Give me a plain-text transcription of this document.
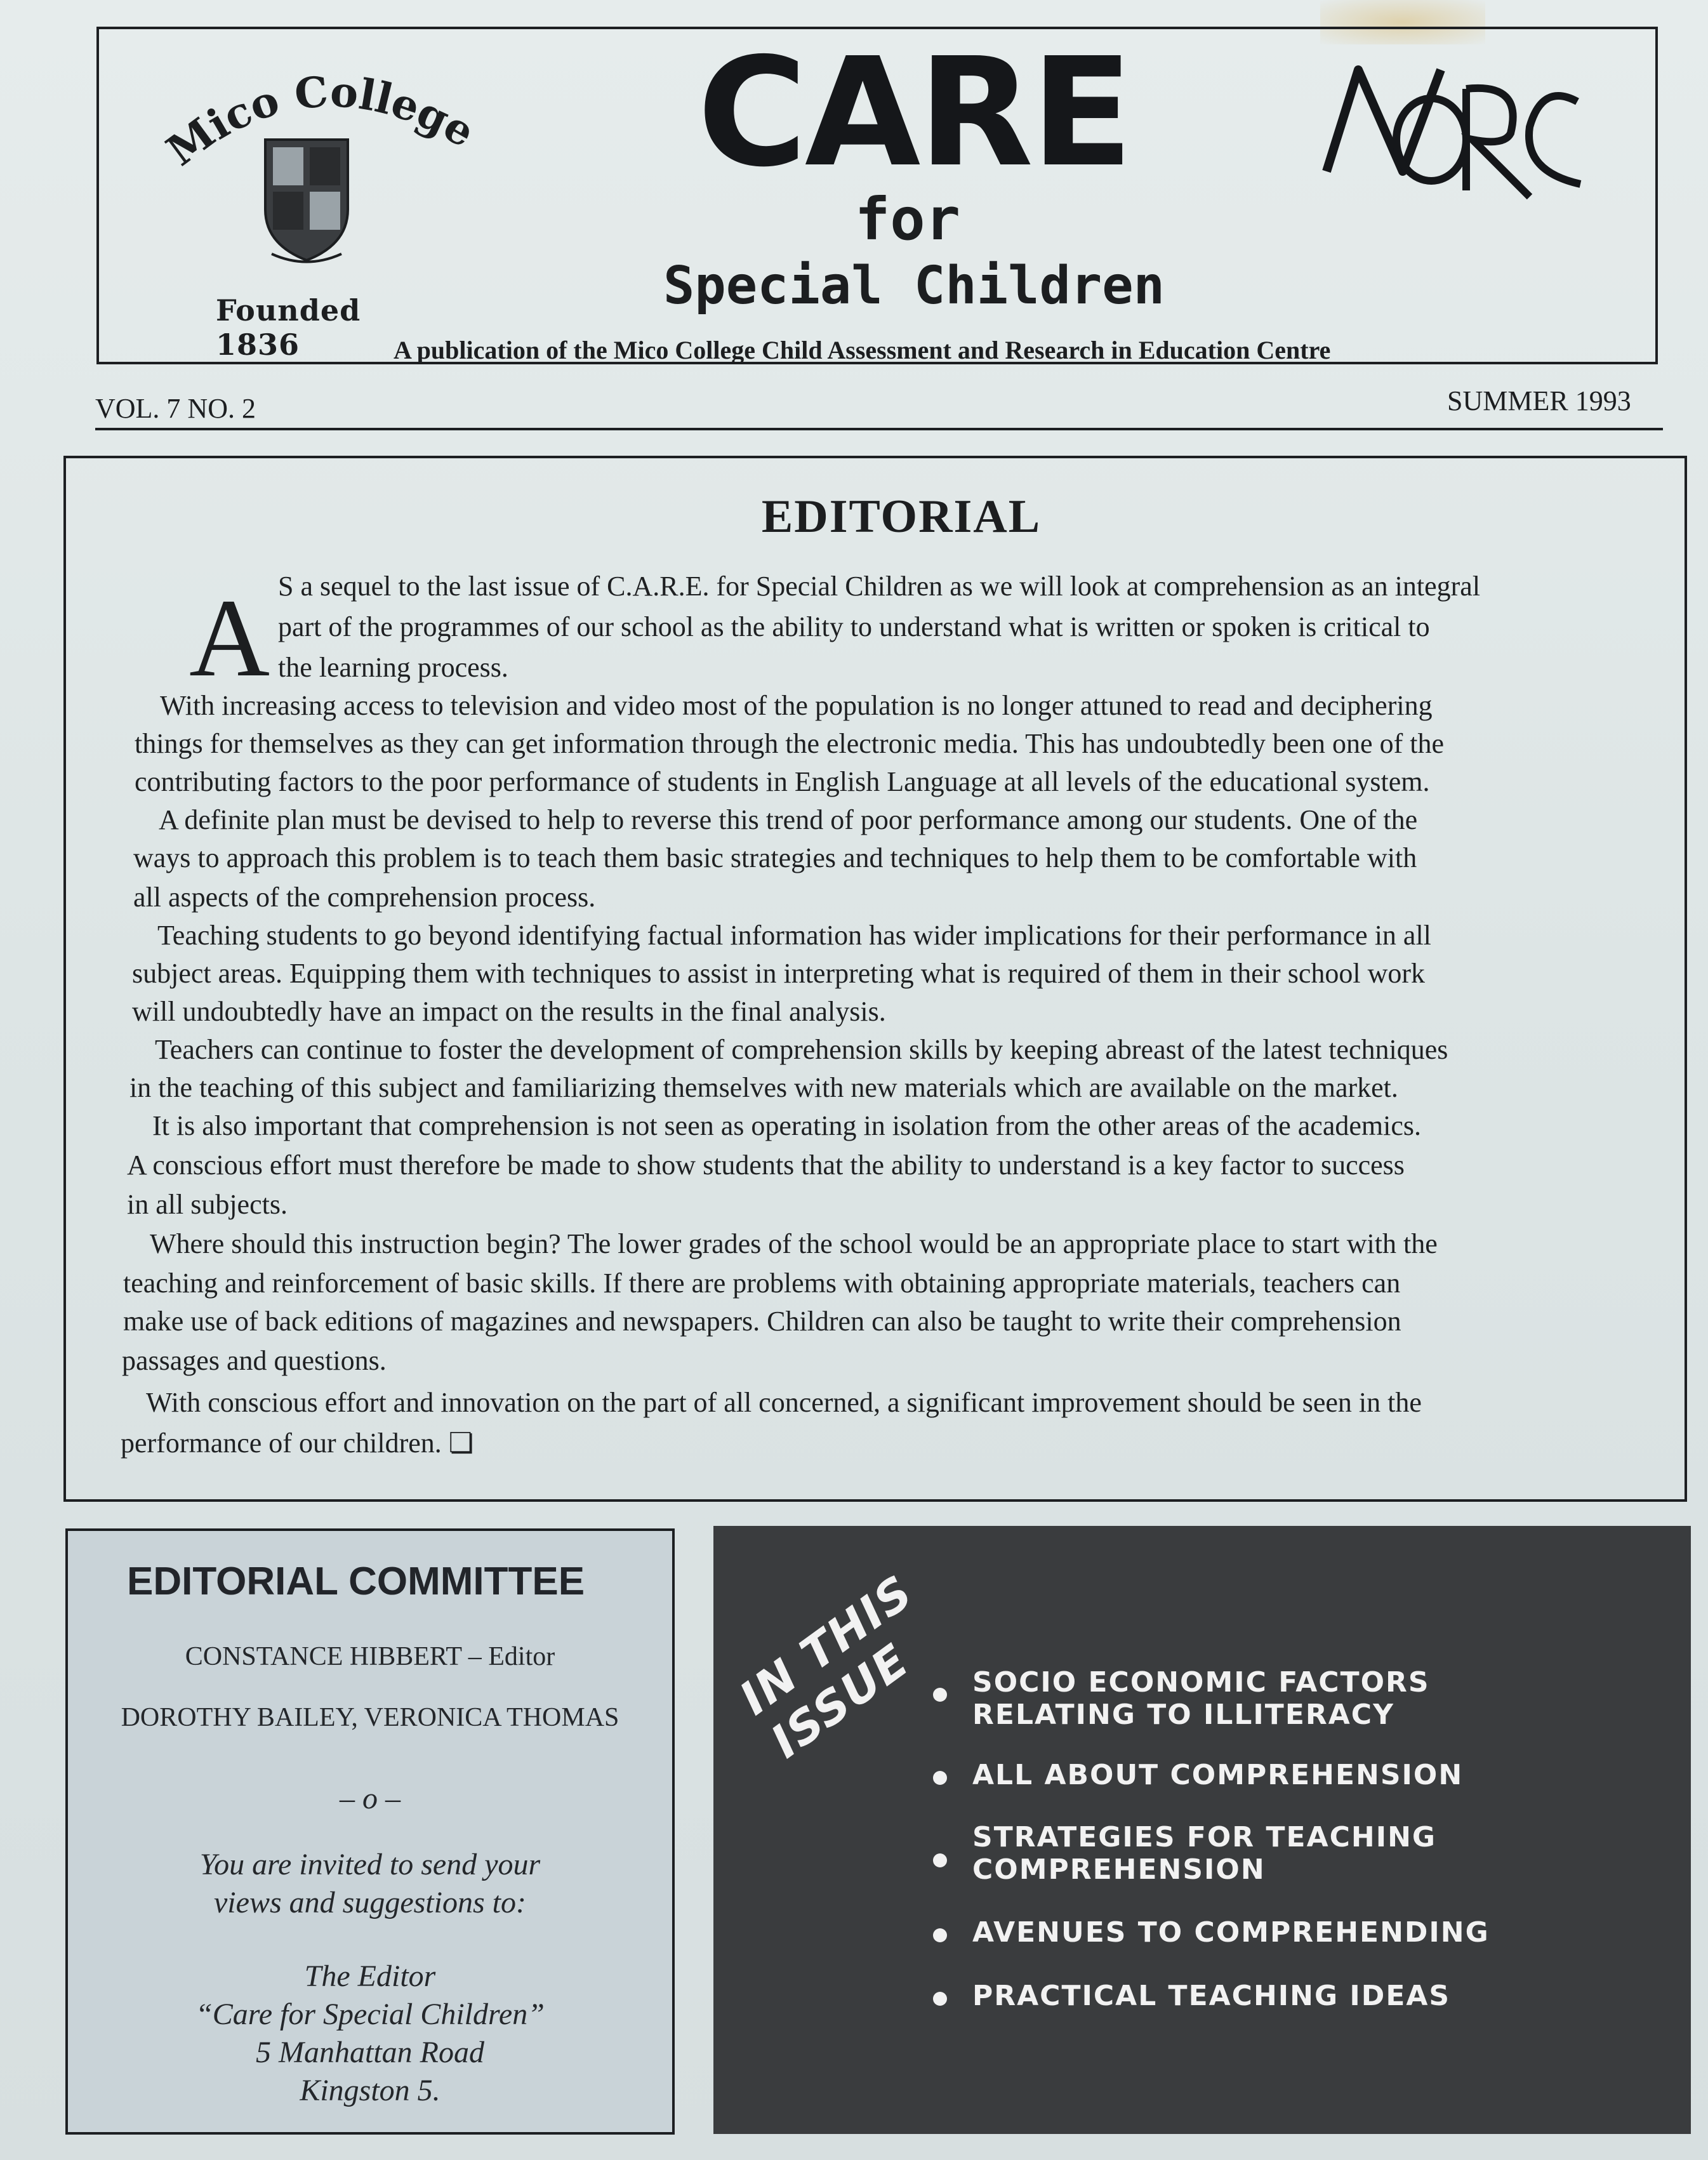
Mico College
Founded 1836
CARE
for
Special Children
A publication of the Mico College Child Assessment and Research in Education Centre
VOL. 7 NO. 2	SUMMER 1993
EDITORIAL
A S a sequel to the last issue of C.A.R.E. for Special Children as we will look at comprehension as an integral
part of the programmes of our school as the ability to understand what is written or spoken is critical to
the learning process.
With increasing access to television and video most of the population is no longer attuned to read and deciphering
things for themselves as they can get information through the electronic media. This has undoubtedly been one of the
contributing factors to the poor performance of students in English Language at all levels of the educational system.
A definite plan must be devised to help to reverse this trend of poor performance among our students. One of the
ways to approach this problem is to teach them basic strategies and techniques to help them to be comfortable with
all aspects of the comprehension process.
Teaching students to go beyond identifying factual information has wider implications for their performance in all
subject areas. Equipping them with techniques to assist in interpreting what is required of them in their school work
will undoubtedly have an impact on the results in the final analysis.
Teachers can continue to foster the development of comprehension skills by keeping abreast of the latest techniques
in the teaching of this subject and familiarizing themselves with new materials which are available on the market.
It is also important that comprehension is not seen as operating in isolation from the other areas of the academics.
A conscious effort must therefore be made to show students that the ability to understand is a key factor to success
in all subjects.
Where should this instruction begin? The lower grades of the school would be an appropriate place to start with the
teaching and reinforcement of basic skills. If there are problems with obtaining appropriate materials, teachers can
make use of back editions of magazines and newspapers. Children can also be taught to write their comprehension
passages and questions.
With conscious effort and innovation on the part of all concerned, a significant improvement should be seen in the
performance of our children. ❏
EDITORIAL COMMITTEE
CONSTANCE HIBBERT – Editor
DOROTHY BAILEY, VERONICA THOMAS
– o –
You are invited to send your
views and suggestions to:
The Editor
“Care for Special Children”
5 Manhattan Road
Kingston 5.
IN THIS ISSUE	SOCIO ECONOMIC FACTORS
RELATING TO ILLITERACY
ALL ABOUT COMPREHENSION
STRATEGIES FOR TEACHING
COMPREHENSION
AVENUES TO COMPREHENDING
PRACTICAL TEACHING IDEAS
